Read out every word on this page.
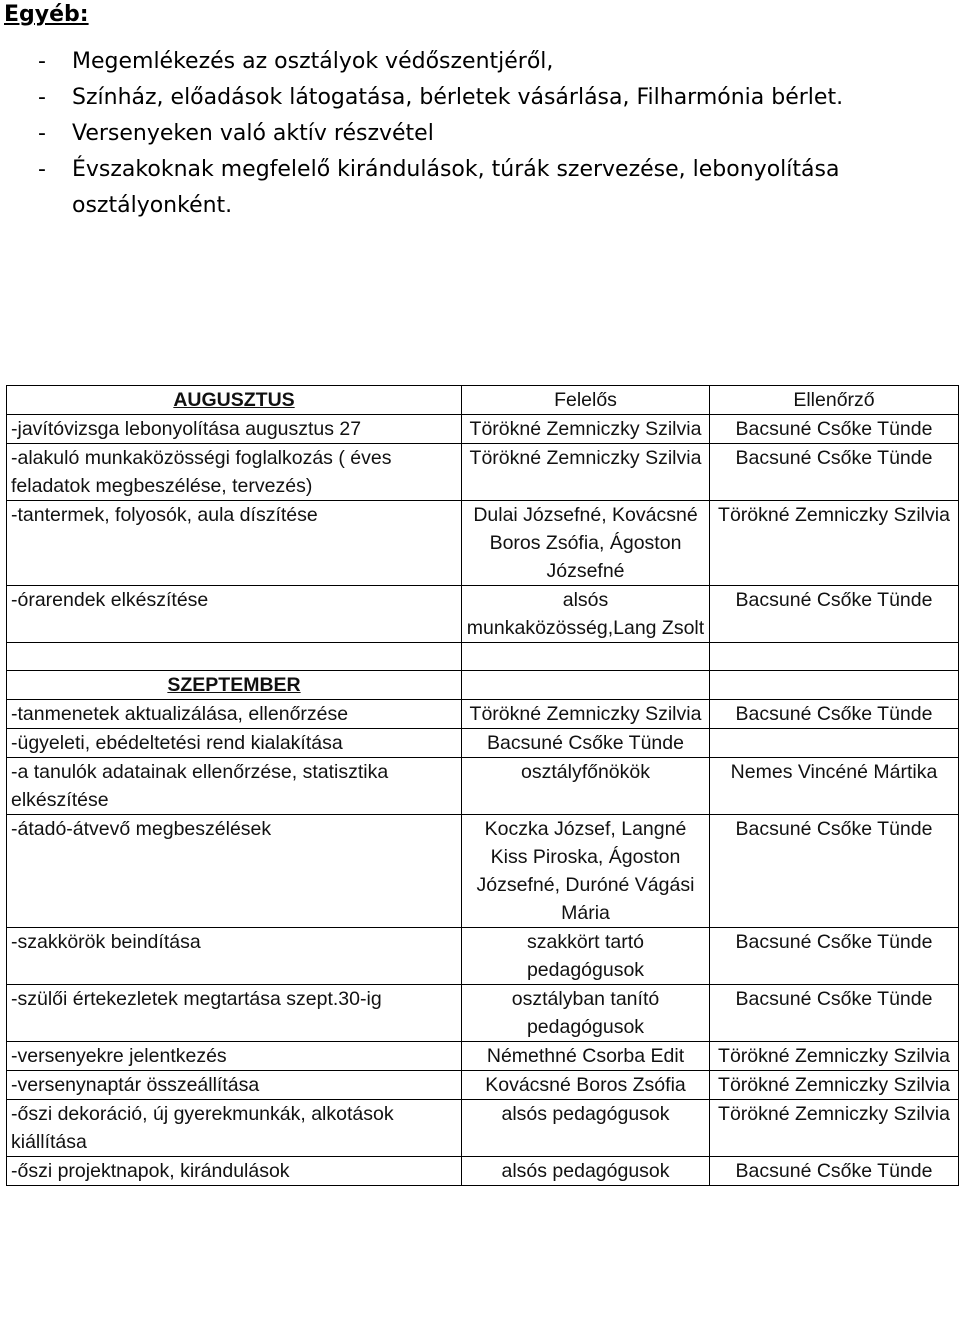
Egyéb:
- Megemlékezés az osztályok védőszentjéről,
- Színház, előadások látogatása, bérletek vásárlása, Filharmónia bérlet.
- Versenyeken való aktív részvétel
- Évszakoknak megfelelő kirándulások, túrák szervezése, lebonyolítása osztályonként.
AUGUSZTUS	Felelős	Ellenőrző
-javítóvizsga lebonyolítása augusztus 27	Törökné Zemniczky Szilvia	Bacsuné Csőke Tünde
-alakuló munkaközösségi foglalkozás ( éves feladatok megbeszélése, tervezés)	Törökné Zemniczky Szilvia	Bacsuné Csőke Tünde
-tantermek, folyosók, aula díszítése	Dulai Józsefné, Kovácsné Boros Zsófia, Ágoston Józsefné	Törökné Zemniczky Szilvia
-órarendek elkészítése	alsós munkaközösség,Lang Zsolt	Bacsuné Csőke Tünde

SZEPTEMBER		
-tanmenetek aktualizálása, ellenőrzése	Törökné Zemniczky Szilvia	Bacsuné Csőke Tünde
-ügyeleti, ebédeltetési rend kialakítása	Bacsuné Csőke Tünde	
-a tanulók adatainak ellenőrzése, statisztika elkészítése	osztályfőnökök	Nemes Vincéné Mártika
-átadó-átvevő megbeszélések	Koczka József, Langné Kiss Piroska, Ágoston Józsefné, Duróné Vágási Mária	Bacsuné Csőke Tünde
-szakkörök beindítása	szakkört tartó pedagógusok	Bacsuné Csőke Tünde
-szülői értekezletek megtartása szept.30-ig	osztályban tanító pedagógusok	Bacsuné Csőke Tünde
-versenyekre jelentkezés	Némethné Csorba Edit	Törökné Zemniczky Szilvia
-versenynaptár összeállítása	Kovácsné Boros Zsófia	Törökné Zemniczky Szilvia
-őszi dekoráció, új gyerekmunkák, alkotások kiállítása	alsós pedagógusok	Törökné Zemniczky Szilvia
-őszi projektnapok, kirándulások	alsós pedagógusok	Bacsuné Csőke Tünde
